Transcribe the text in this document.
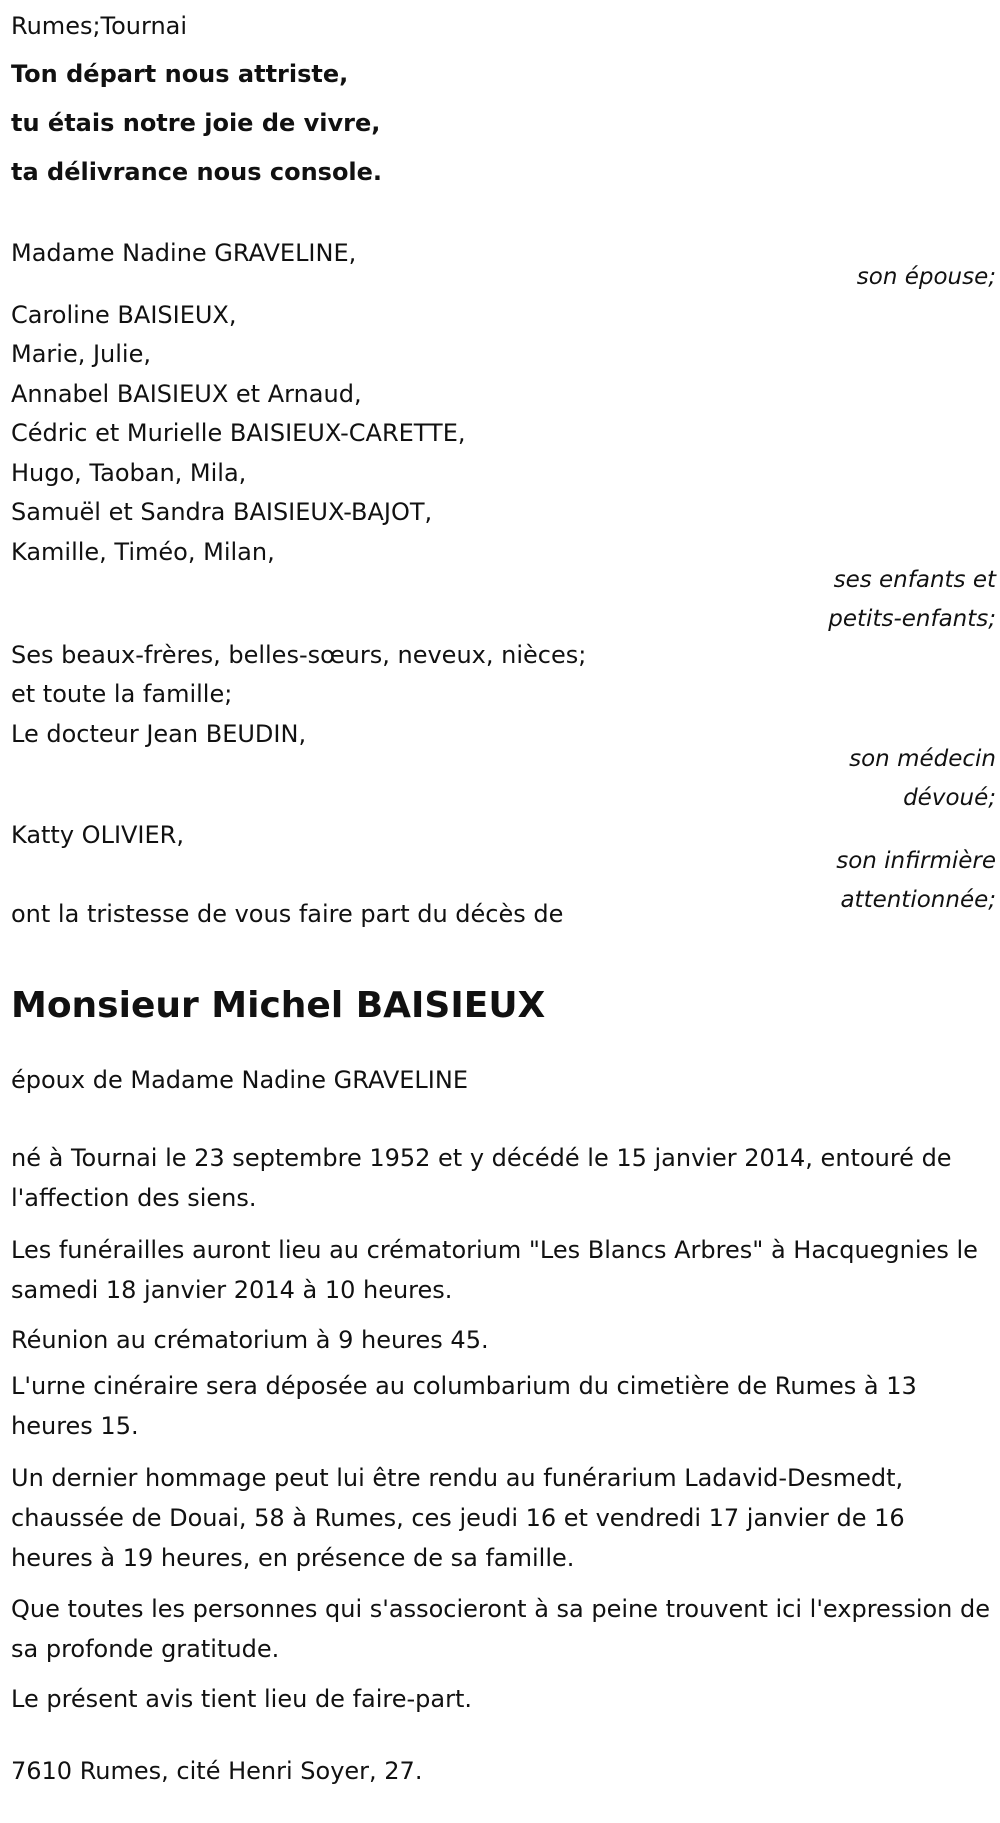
Rumes;Tournai
Ton départ nous attriste,
tu étais notre joie de vivre,
ta délivrance nous console.
Madame Nadine GRAVELINE,
son épouse;
Caroline BAISIEUX,
Marie, Julie,
Annabel BAISIEUX et Arnaud,
Cédric et Murielle BAISIEUX-CARETTE,
Hugo, Taoban, Mila,
Samuël et Sandra BAISIEUX-BAJOT,
Kamille, Timéo, Milan,
ses enfants et
petits-enfants;
Ses beaux-frères, belles-sœurs, neveux, nièces;
et toute la famille;
Le docteur Jean BEUDIN,
son médecin
dévoué;
Katty OLIVIER,
son infirmière
attentionnée;
ont la tristesse de vous faire part du décès de
Monsieur Michel BAISIEUX
époux de Madame Nadine GRAVELINE
né à Tournai le 23 septembre 1952 et y décédé le 15 janvier 2014, entouré de l'affection des siens.
Les funérailles auront lieu au crématorium "Les Blancs Arbres" à Hacquegnies le samedi 18 janvier 2014 à 10 heures.
Réunion au crématorium à 9 heures 45.
L'urne cinéraire sera déposée au columbarium du cimetière de Rumes à 13 heures 15.
Un dernier hommage peut lui être rendu au funérarium Ladavid-Desmedt, chaussée de Douai, 58 à Rumes, ces jeudi 16 et vendredi 17 janvier de 16 heures à 19 heures, en présence de sa famille.
Que toutes les personnes qui s'associeront à sa peine trouvent ici l'expression de sa profonde gratitude.
Le présent avis tient lieu de faire-part.
7610 Rumes, cité Henri Soyer, 27.
